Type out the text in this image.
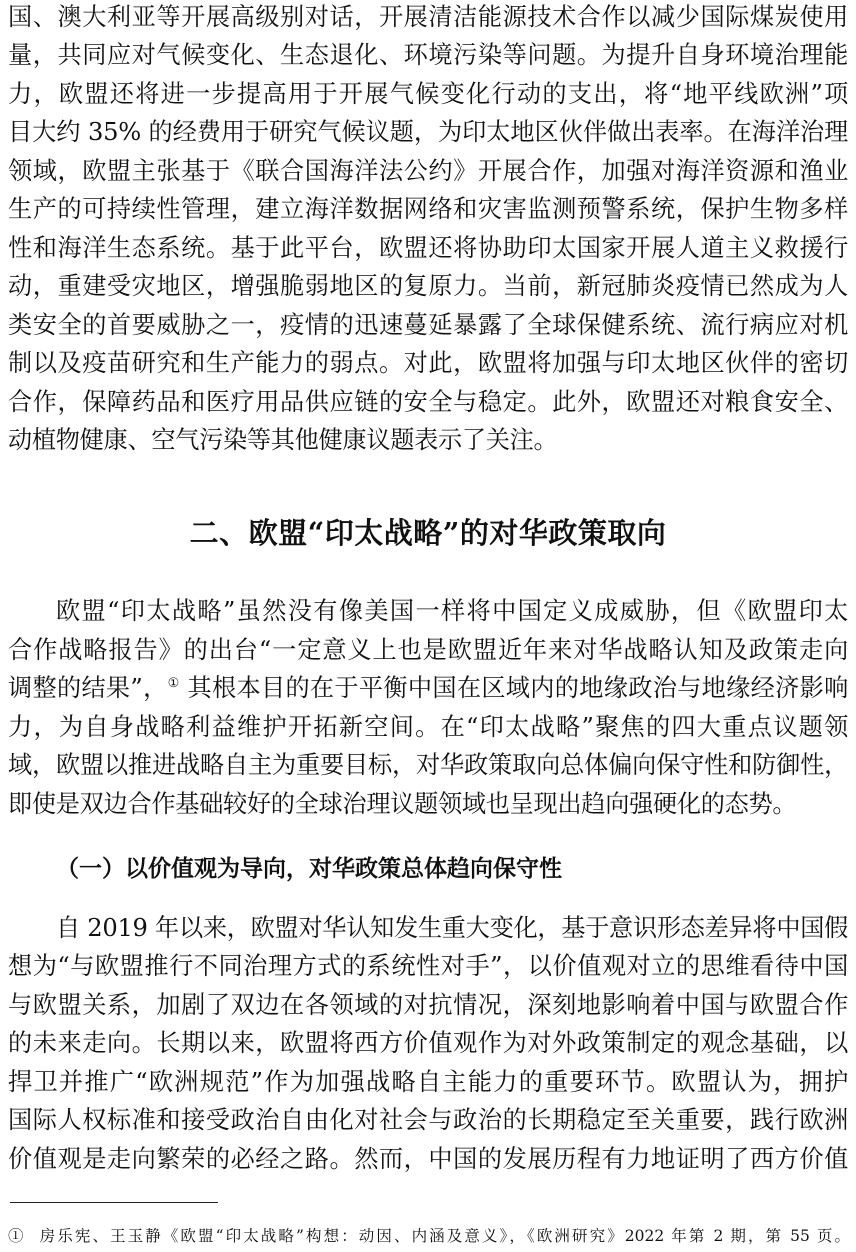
国、澳大利亚等开展高级别对话，开展清洁能源技术合作以减少国际煤炭使用

量，共同应对气候变化、生态退化、环境污染等问题。为提升自身环境治理能

力，欧盟还将进一步提高用于开展气候变化行动的支出，将“地平线欧洲”项

目大约 35% 的经费用于研究气候议题，为印太地区伙伴做出表率。在海洋治理

领域，欧盟主张基于《联合国海洋法公约》开展合作，加强对海洋资源和渔业

生产的可持续性管理，建立海洋数据网络和灾害监测预警系统，保护生物多样

性和海洋生态系统。基于此平台，欧盟还将协助印太国家开展人道主义救援行

动，重建受灾地区，增强脆弱地区的复原力。当前，新冠肺炎疫情已然成为人

类安全的首要威胁之一，疫情的迅速蔓延暴露了全球保健系统、流行病应对机

制以及疫苗研究和生产能力的弱点。对此，欧盟将加强与印太地区伙伴的密切

合作，保障药品和医疗用品供应链的安全与稳定。此外，欧盟还对粮食安全、

动植物健康、空气污染等其他健康议题表示了关注。

二、欧盟“印太战略”的对华政策取向

欧盟“印太战略”虽然没有像美国一样将中国定义成威胁，但《欧盟印太

合作战略报告》的出台“一定意义上也是欧盟近年来对华战略认知及政策走向

调整的结果”，① 其根本目的在于平衡中国在区域内的地缘政治与地缘经济影响

力，为自身战略利益维护开拓新空间。在“印太战略”聚焦的四大重点议题领

域，欧盟以推进战略自主为重要目标，对华政策取向总体偏向保守性和防御性，

即使是双边合作基础较好的全球治理议题领域也呈现出趋向强硬化的态势。

（一）以价值观为导向，对华政策总体趋向保守性

自 2019 年以来，欧盟对华认知发生重大变化，基于意识形态差异将中国假

想为“与欧盟推行不同治理方式的系统性对手”，以价值观对立的思维看待中国

与欧盟关系，加剧了双边在各领域的对抗情况，深刻地影响着中国与欧盟合作

的未来走向。长期以来，欧盟将西方价值观作为对外政策制定的观念基础，以

捍卫并推广“欧洲规范”作为加强战略自主能力的重要环节。欧盟认为，拥护

国际人权标准和接受政治自由化对社会与政治的长期稳定至关重要，践行欧洲

价值观是走向繁荣的必经之路。然而，中国的发展历程有力地证明了西方价值

① 房乐宪、王玉静《欧盟“印太战略”构想：动因、内涵及意义》，《欧洲研究》2022 年第 2 期，第 55 页。
